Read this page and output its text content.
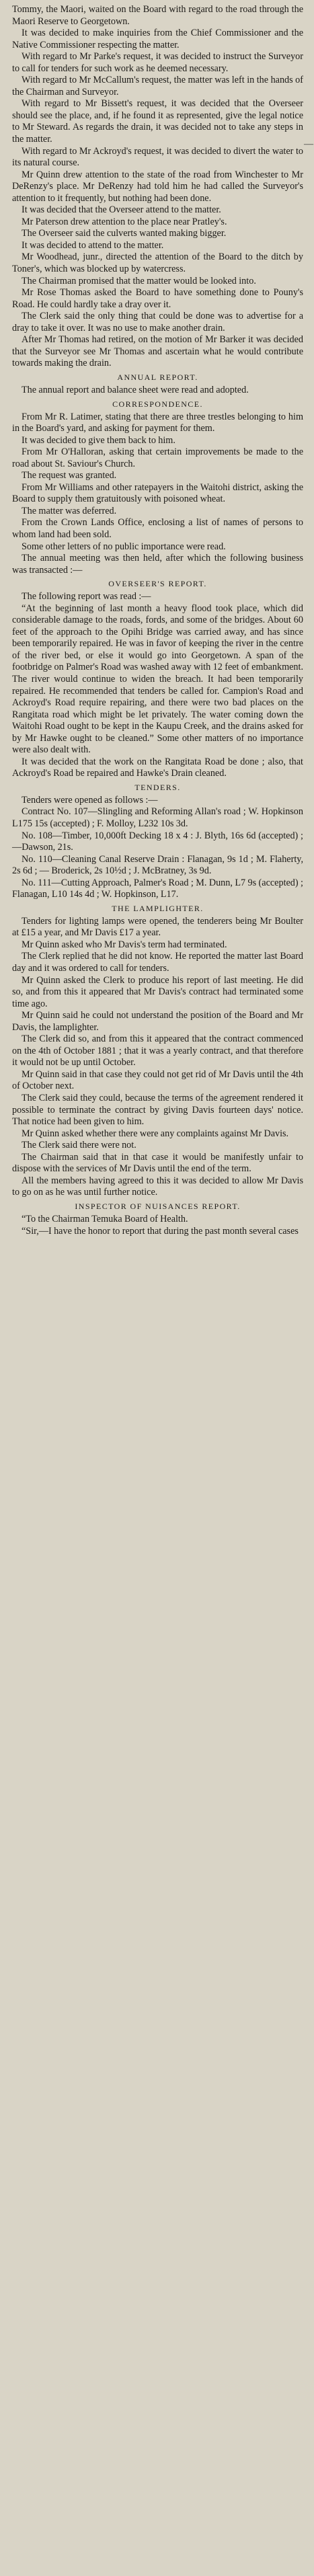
Tommy, the Maori, waited on the Board with regard to the road through the Maori Reserve to Georgetown.

It was decided to make inquiries from the Chief Commissioner and the Native Commissioner respecting the matter.

With regard to Mr Parke's request, it was decided to instruct the Surveyor to call for tenders for such work as he deemed necessary.

With regard to Mr McCallum's request, the matter was left in the hands of the Chairman and Surveyor.

With regard to Mr Bissett's request, it was decided that the Overseer should see the place, and, if he found it as represented, give the legal notice to Mr Steward. As regards the drain, it was decided not to take any steps in the matter.

With regard to Mr Ackroyd's request, it was decided to divert the water to its natural course.

Mr Quinn drew attention to the state of the road from Winchester to Mr DeRenzy's place. Mr DeRenzy had told him he had called the Surveyor's attention to it frequently, but nothing had been done.

It was decided that the Overseer attend to the matter.

Mr Paterson drew attention to the place near Pratley's.

The Overseer said the culverts wanted making bigger.

It was decided to attend to the matter.

Mr Woodhead, junr., directed the attention of the Board to the ditch by Toner's, which was blocked up by watercress.

The Chairman promised that the matter would be looked into.

Mr Rose Thomas asked the Board to have something done to Pouny's Road. He could hardly take a dray over it.

The Clerk said the only thing that could be done was to advertise for a dray to take it over. It was no use to make another drain.

After Mr Thomas had retired, on the motion of Mr Barker it was decided that the Surveyor see Mr Thomas and ascertain what he would contribute towards making the drain.

ANNUAL REPORT.

The annual report and balance sheet were read and adopted.

CORRESPONDENCE.

From Mr R. Latimer, stating that there are three trestles belonging to him in the Board's yard, and asking for payment for them.

It was decided to give them back to him.

From Mr O'Halloran, asking that certain improvements be made to the road about St. Saviour's Church.

The request was granted.

From Mr Williams and other ratepayers in the Waitohi district, asking the Board to supply them gratuitously with poisoned wheat.

The matter was deferred.

From the Crown Lands Office, enclosing a list of names of persons to whom land had been sold.

Some other letters of no public importance were read.

The annual meeting was then held, after which the following business was transacted :—

OVERSEER'S REPORT.

The following report was read :—

“At the beginning of last month a heavy flood took place, which did considerable damage to the roads, fords, and some of the bridges. About 60 feet of the approach to the Opihi Bridge was carried away, and has since been temporarily repaired. He was in favor of keeping the river in the centre of the river bed, or else it would go into Georgetown. A span of the footbridge on Palmer's Road was washed away with 12 feet of embankment. The river would continue to widen the breach. It had been temporarily repaired. He recommended that tenders be called for. Campion's Road and Ackroyd's Road require repairing, and there were two bad places on the Rangitata road which might be let privately. The water coming down the Waitohi Road ought to be kept in the Kaupu Creek, and the drains asked for by Mr Hawke ought to be cleaned.” Some other matters of no importance were also dealt with.

It was decided that the work on the Rangitata Road be done ; also, that Ackroyd's Road be repaired and Hawke's Drain cleaned.

TENDERS.

Tenders were opened as follows :—

Contract No. 107—Slingling and Reforming Allan's road ; W. Hopkinson L175 15s (accepted) ; F. Molloy, L232 10s 3d.

No. 108—Timber, 10,000ft Decking 18 x 4 : J. Blyth, 16s 6d (accepted) ; —Dawson, 21s.

No. 110—Cleaning Canal Reserve Drain : Flanagan, 9s 1d ; M. Flaherty, 2s 6d ; — Broderick, 2s 10½d ; J. McBratney, 3s 9d.

No. 111—Cutting Approach, Palmer's Road ; M. Dunn, L7 9s (accepted) ; Flanagan, L10 14s 4d ; W. Hopkinson, L17.

THE LAMPLIGHTER.

Tenders for lighting lamps were opened, the tenderers being Mr Boulter at £15 a year, and Mr Davis £17 a year.

Mr Quinn asked who Mr Davis's term had terminated.

The Clerk replied that he did not know. He reported the matter last Board day and it was ordered to call for tenders.

Mr Quinn asked the Clerk to produce his report of last meeting. He did so, and from this it appeared that Mr Davis's contract had terminated some time ago.

Mr Quinn said he could not understand the position of the Board and Mr Davis, the lamplighter.

The Clerk did so, and from this it appeared that the contract commenced on the 4th of October 1881 ; that it was a yearly contract, and that therefore it would not be up until October.

Mr Quinn said in that case they could not get rid of Mr Davis until the 4th of October next.

The Clerk said they could, because the terms of the agreement rendered it possible to terminate the contract by giving Davis fourteen days' notice. That notice had been given to him.

Mr Quinn asked whether there were any complaints against Mr Davis.

The Clerk said there were not.

The Chairman said that in that case it would be manifestly unfair to dispose with the services of Mr Davis until the end of the term.

All the members having agreed to this it was decided to allow Mr Davis to go on as he was until further notice.

INSPECTOR OF NUISANCES REPORT.

“To the Chairman Temuka Board of Health.

“Sir,—I have the honor to report that during the past month several cases

—
